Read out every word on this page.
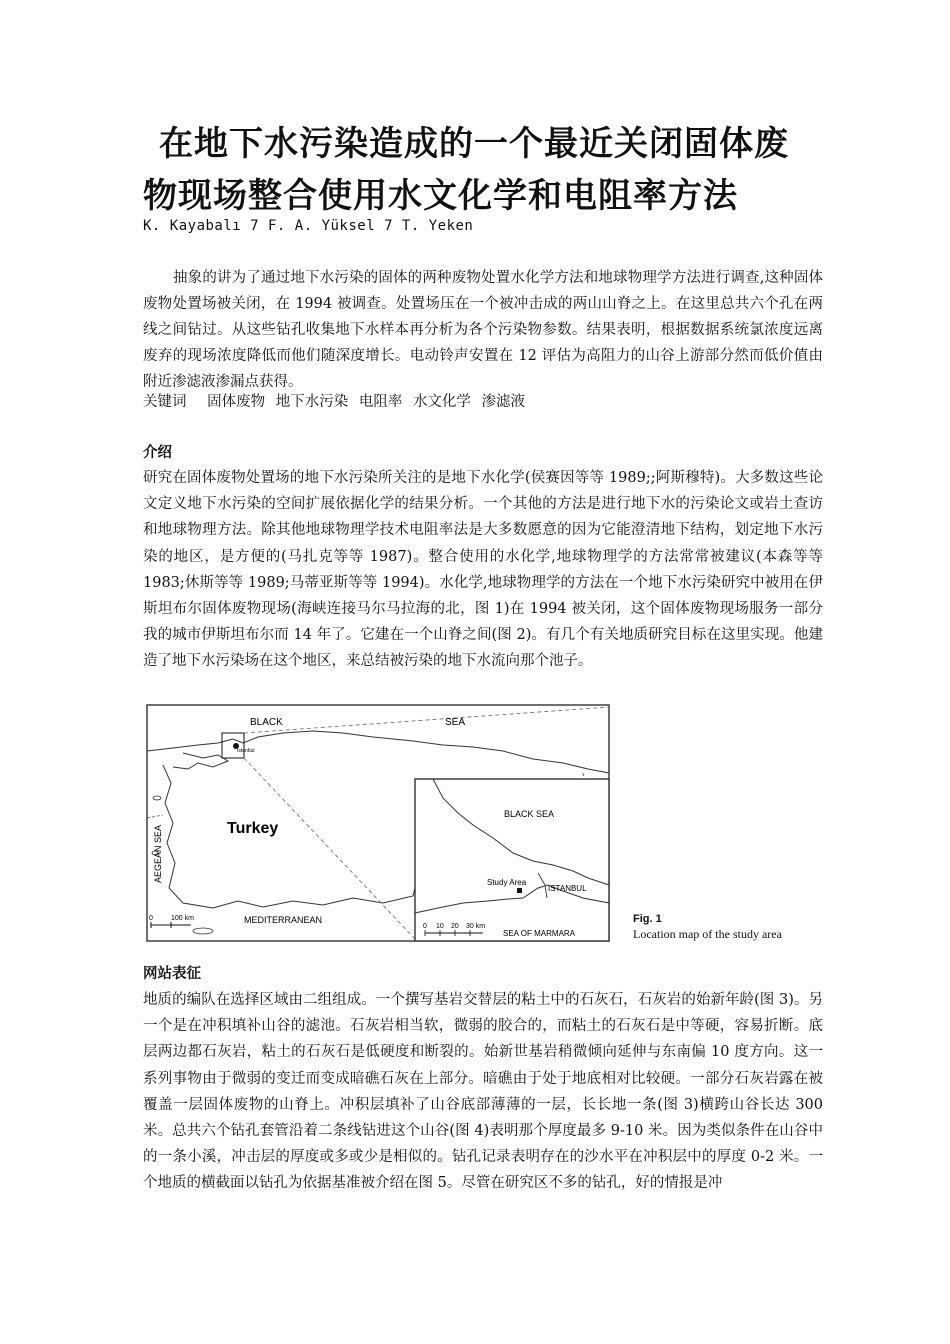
在地下水污染造成的一个最近关闭固体废
物现场整合使用水文化学和电阻率方法
K. Kayabalı 7 F. A. Yüksel 7 T. Yeken
抽象的讲为了通过地下水污染的固体的两种废物处置水化学方法和地球物理学方法进行调查,这种固体废物处置场被关闭，在 1994 被调查。处置场压在一个被冲击成的两山山脊之上。在这里总共六个孔在两线之间钻过。从这些钻孔收集地下水样本再分析为各个污染物参数。结果表明，根据数据系统氯浓度远离废弃的现场浓度降低而他们随深度增长。电动铃声安置在 12 评估为高阻力的山谷上游部分然而低价值由附近渗滤液渗漏点获得。
关键词 固体废物 地下水污染 电阻率 水文化学 渗滤液
介绍
研究在固体废物处置场的地下水污染所关注的是地下水化学(侯赛因等等 1989;;阿斯穆特)。大多数这些论文定义地下水污染的空间扩展依据化学的结果分析。一个其他的方法是进行地下水的污染论文或岩土查访和地球物理方法。除其他地球物理学技术电阻率法是大多数愿意的因为它能澄清地下结构，划定地下水污染的地区，是方便的(马扎克等等 1987)。整合使用的水化学,地球物理学的方法常常被建议(本森等等 1983;休斯等等 1989;马蒂亚斯等等 1994)。水化学,地球物理学的方法在一个地下水污染研究中被用在伊斯坦布尔固体废物现场(海峡连接马尔马拉海的北，图 1)在 1994 被关闭，这个固体废物现场服务一部分我的城市伊斯坦布尔而 14 年了。它建在一个山脊之间(图 2)。有几个有关地质研究目标在这里实现。他建造了地下水污染场在这个地区，来总结被污染的地下水流向那个池子。
网站表征
地质的编队在选择区域由二组组成。一个撰写基岩交替层的粘土中的石灰石，石灰岩的始新年龄(图 3)。另一个是在冲积填补山谷的滤池。石灰岩相当软，微弱的胶合的，而粘土的石灰石是中等硬，容易折断。底层两边都石灰岩，粘土的石灰石是低硬度和断裂的。始新世基岩稍微倾向延伸与东南偏 10 度方向。这一系列事物由于微弱的变迁而变成暗礁石灰在上部分。暗礁由于处于地底相对比较硬。一部分石灰岩露在被覆盖一层固体废物的山脊上。冲积层填补了山谷底部薄薄的一层，长长地一条(图 3)横跨山谷长达 300 米。总共六个钻孔套管沿着二条线钻进这个山谷(图 4)表明那个厚度最多 9-10 米。因为类似条件在山谷中的一条小溪，冲击层的厚度或多或少是相似的。钻孔记录表明存在的沙水平在冲积层中的厚度 0-2 米。一个地质的横截面以钻孔为依据基准被介绍在图 5。尽管在研究区不多的钻孔，好的情报是冲
BLACK	SEA
Istanbul
Turkey
AEGEAN SEA
MEDITERRANEAN
0	100 km
BLACK SEA
Study Area
ISTANBUL
SEA OF MARMARA
0 10 20 30 km
Fig. 1
Location map of the study area
